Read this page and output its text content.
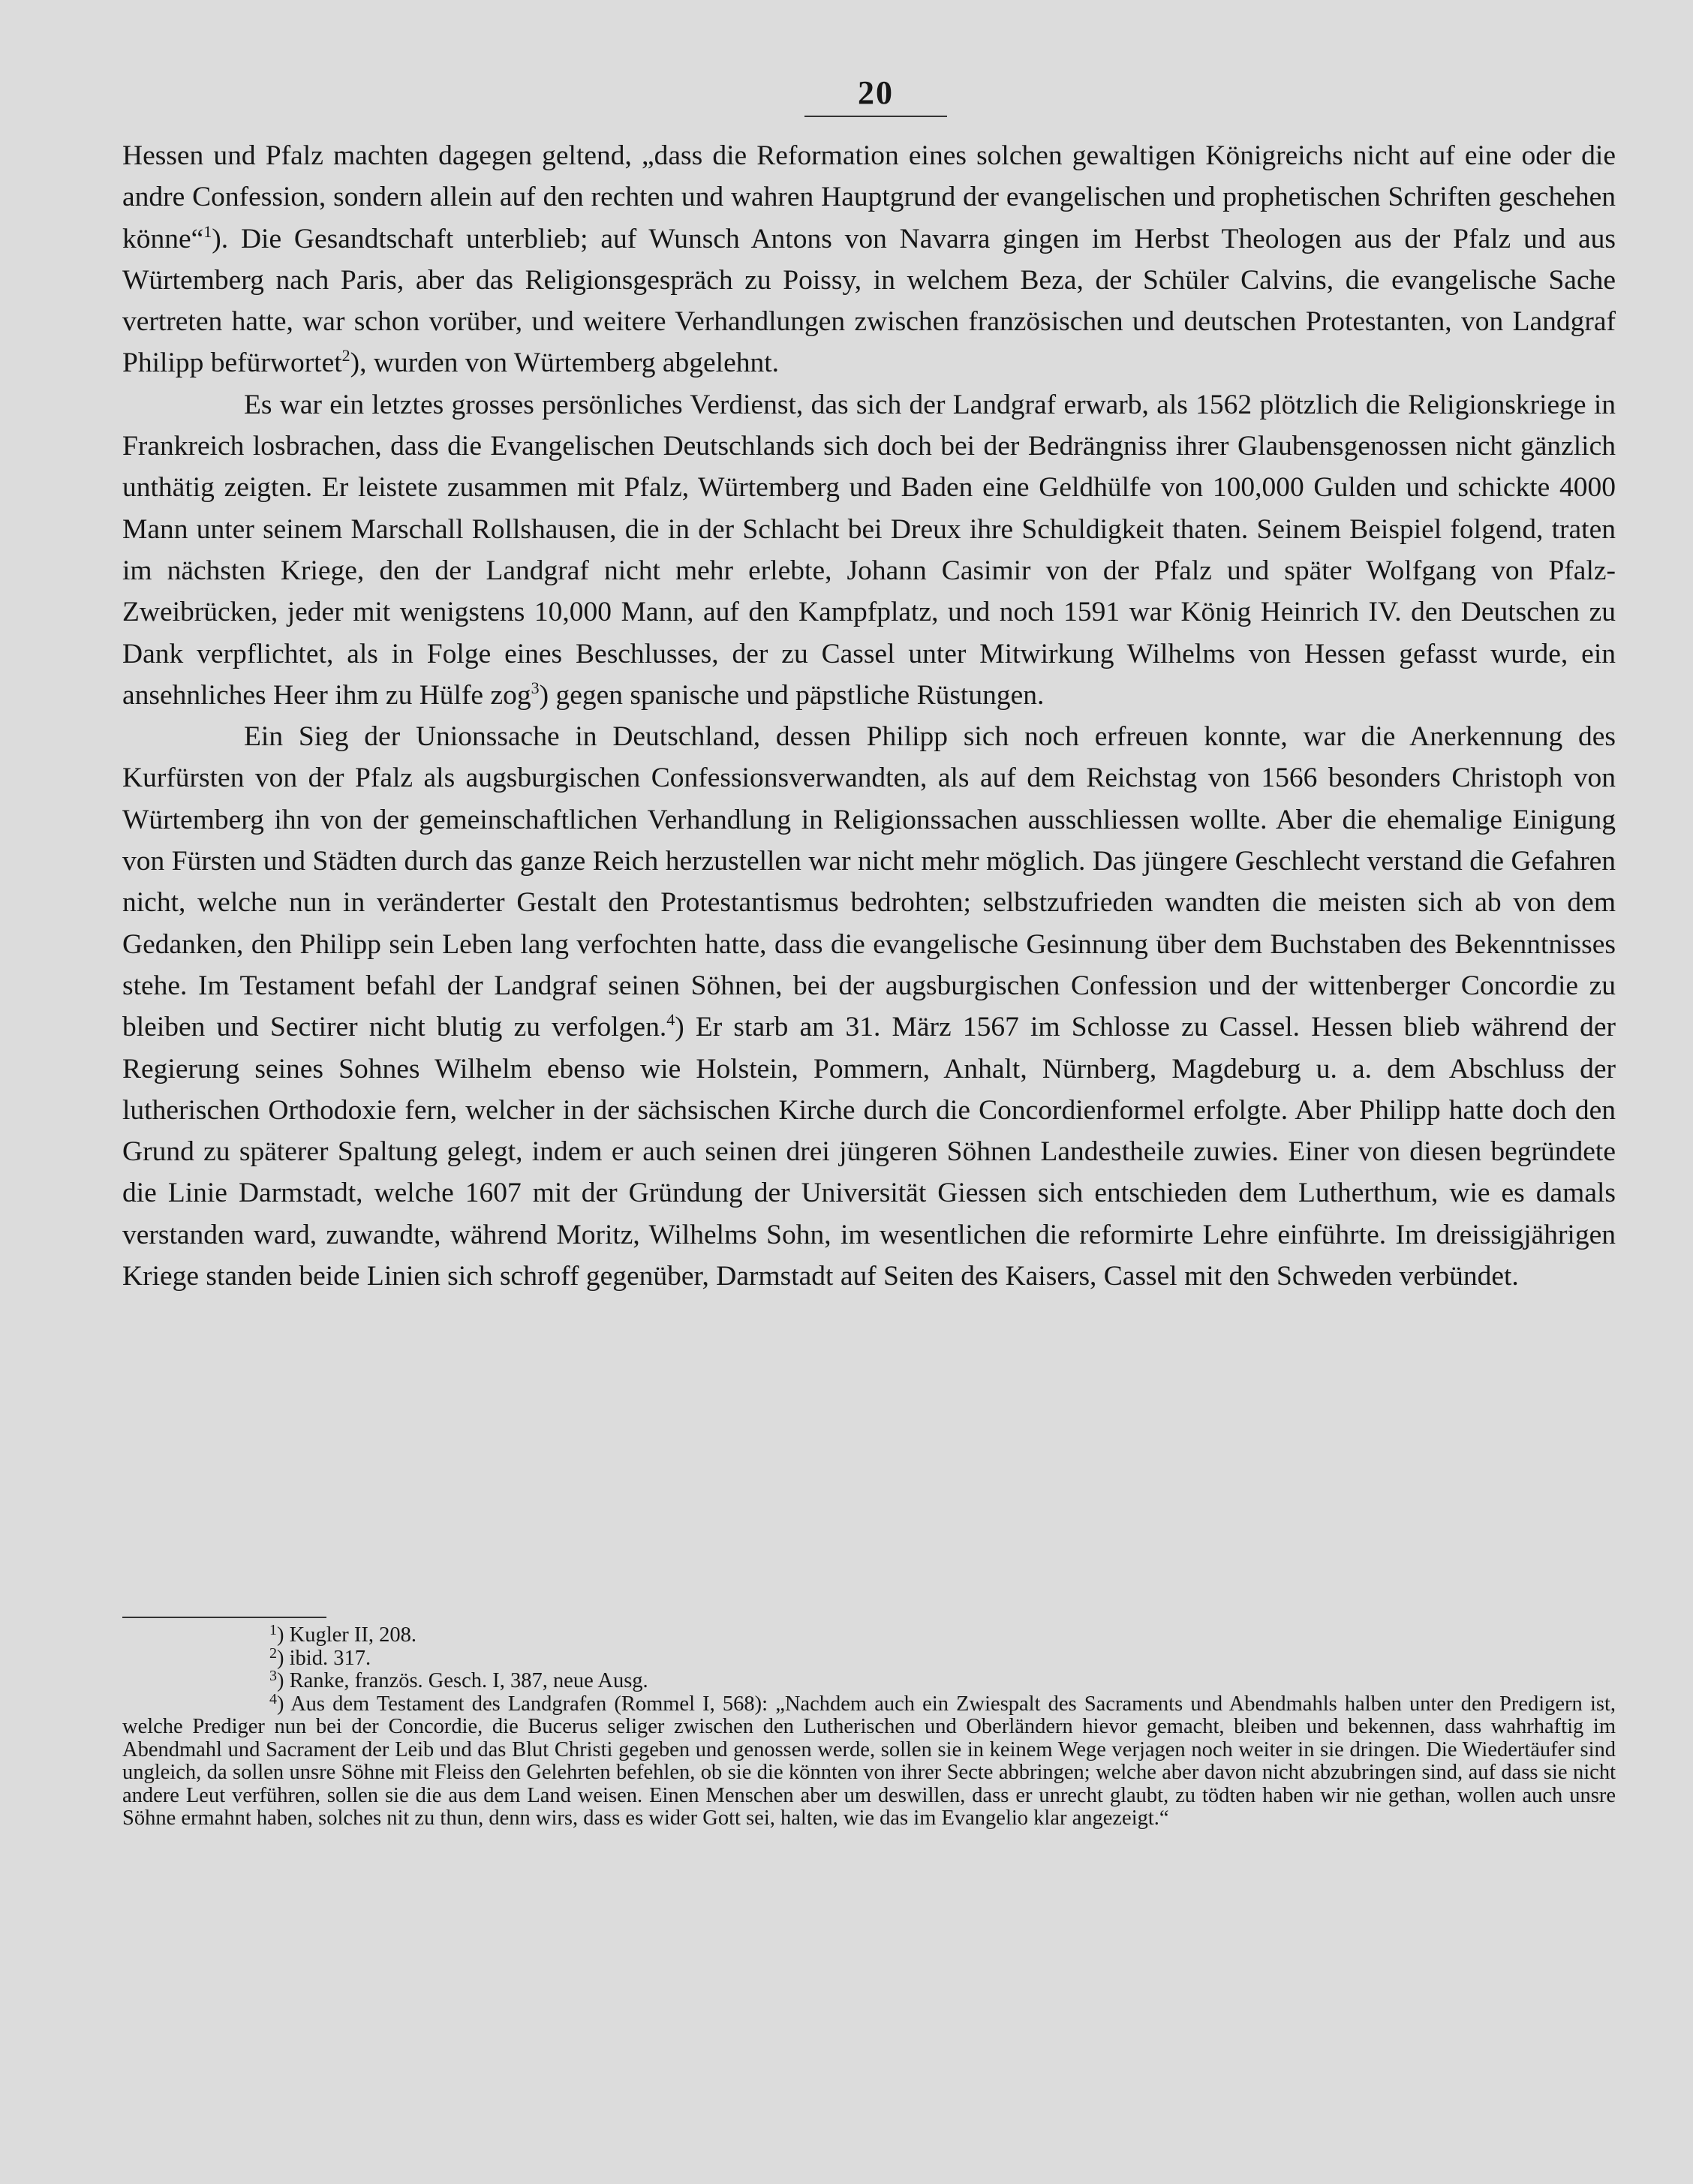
20

Hessen und Pfalz machten dagegen geltend, „dass die Reformation eines solchen gewaltigen Königreichs nicht auf eine oder die andre Confession, sondern allein auf den rechten und wahren Hauptgrund der evangelischen und prophetischen Schriften geschehen könne“$^1$). Die Gesandtschaft unterblieb; auf Wunsch Antons von Navarra gingen im Herbst Theologen aus der Pfalz und aus Würtemberg nach Paris, aber das Religionsgespräch zu Poissy, in welchem Beza, der Schüler Calvins, die evangelische Sache vertreten hatte, war schon vorüber, und weitere Verhandlungen zwischen französischen und deutschen Protestanten, von Landgraf Philipp befürwortet$^2$), wurden von Würtemberg abgelehnt.

Es war ein letztes grosses persönliches Verdienst, das sich der Landgraf erwarb, als 1562 plötzlich die Religionskriege in Frankreich losbrachen, dass die Evangelischen Deutschlands sich doch bei der Bedrängniss ihrer Glaubensgenossen nicht gänzlich unthätig zeigten. Er leistete zusammen mit Pfalz, Würtemberg und Baden eine Geldhülfe von 100,000 Gulden und schickte 4000 Mann unter seinem Marschall Rollshausen, die in der Schlacht bei Dreux ihre Schuldigkeit thaten. Seinem Beispiel folgend, traten im nächsten Kriege, den der Landgraf nicht mehr erlebte, Johann Casimir von der Pfalz und später Wolfgang von Pfalz-Zweibrücken, jeder mit wenigstens 10,000 Mann, auf den Kampfplatz, und noch 1591 war König Heinrich IV. den Deutschen zu Dank verpflichtet, als in Folge eines Beschlusses, der zu Cassel unter Mitwirkung Wilhelms von Hessen gefasst wurde, ein ansehnliches Heer ihm zu Hülfe zog$^3$) gegen spanische und päpstliche Rüstungen.

Ein Sieg der Unionssache in Deutschland, dessen Philipp sich noch erfreuen konnte, war die Anerkennung des Kurfürsten von der Pfalz als augsburgischen Confessionsverwandten, als auf dem Reichstag von 1566 besonders Christoph von Würtemberg ihn von der gemeinschaftlichen Verhandlung in Religionssachen ausschliessen wollte. Aber die ehemalige Einigung von Fürsten und Städten durch das ganze Reich herzustellen war nicht mehr möglich. Das jüngere Geschlecht verstand die Gefahren nicht, welche nun in veränderter Gestalt den Protestantismus bedrohten; selbstzufrieden wandten die meisten sich ab von dem Gedanken, den Philipp sein Leben lang verfochten hatte, dass die evangelische Gesinnung über dem Buchstaben des Bekenntnisses stehe. Im Testament befahl der Landgraf seinen Söhnen, bei der augsburgischen Confession und der wittenberger Concordie zu bleiben und Sectirer nicht blutig zu verfolgen.$^4$) Er starb am 31. März 1567 im Schlosse zu Cassel. Hessen blieb während der Regierung seines Sohnes Wilhelm ebenso wie Holstein, Pommern, Anhalt, Nürnberg, Magdeburg u. a. dem Abschluss der lutherischen Orthodoxie fern, welcher in der sächsischen Kirche durch die Concordienformel erfolgte. Aber Philipp hatte doch den Grund zu späterer Spaltung gelegt, indem er auch seinen drei jüngeren Söhnen Landestheile zuwies. Einer von diesen begründete die Linie Darmstadt, welche 1607 mit der Gründung der Universität Giessen sich entschieden dem Lutherthum, wie es damals verstanden ward, zuwandte, während Moritz, Wilhelms Sohn, im wesentlichen die reformirte Lehre einführte. Im dreissigjährigen Kriege standen beide Linien sich schroff gegenüber, Darmstadt auf Seiten des Kaisers, Cassel mit den Schweden verbündet.

$^1$) Kugler II, 208.

$^2$) ibid. 317.

$^3$) Ranke, französ. Gesch. I, 387, neue Ausg.

$^4$) Aus dem Testament des Landgrafen (Rommel I, 568): „Nachdem auch ein Zwiespalt des Sacraments und Abendmahls halben unter den Predigern ist, welche Prediger nun bei der Concordie, die Bucerus seliger zwischen den Lutherischen und Oberländern hievor gemacht, bleiben und bekennen, dass wahrhaftig im Abendmahl und Sacrament der Leib und das Blut Christi gegeben und genossen werde, sollen sie in keinem Wege verjagen noch weiter in sie dringen. Die Wiedertäufer sind ungleich, da sollen unsre Söhne mit Fleiss den Gelehrten befehlen, ob sie die könnten von ihrer Secte abbringen; welche aber davon nicht abzubringen sind, auf dass sie nicht andere Leut verführen, sollen sie die aus dem Land weisen. Einen Menschen aber um deswillen, dass er unrecht glaubt, zu tödten haben wir nie gethan, wollen auch unsre Söhne ermahnt haben, solches nit zu thun, denn wirs, dass es wider Gott sei, halten, wie das im Evangelio klar angezeigt.“
